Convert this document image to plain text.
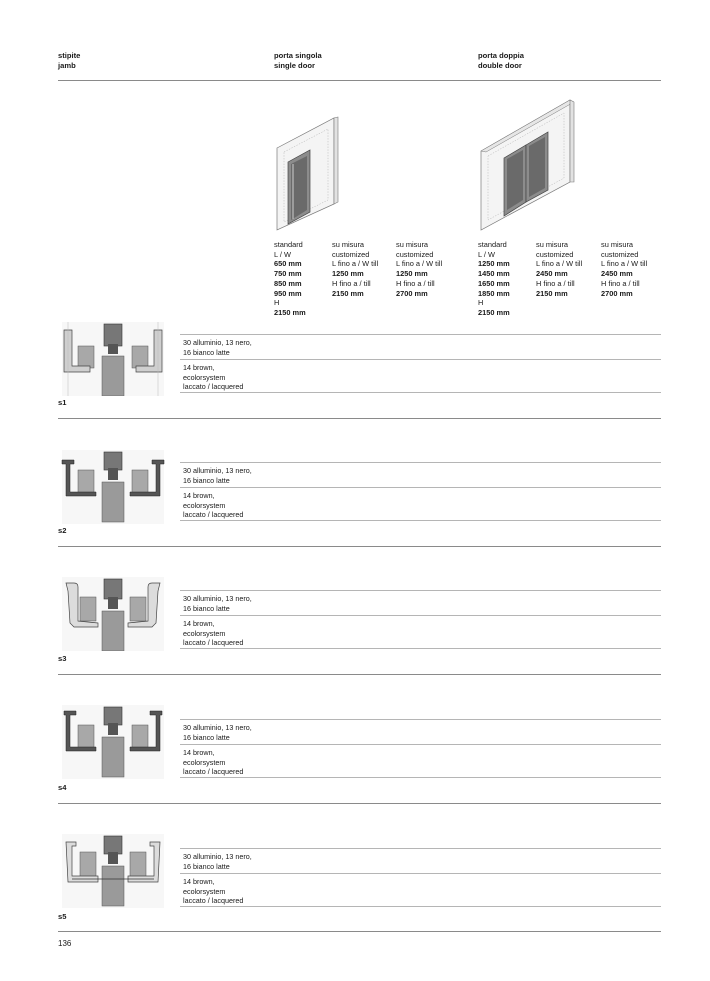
stipite
jamb
porta singola
single door
porta doppia
double door
standard
L / W
650 mm
750 mm
850 mm
950 mm
H
2150 mm
su misura
customized
L fino a / W till
1250 mm
H fino a / till
2150 mm
su misura
customized
L fino a / W till
1250 mm
H fino a / till
2700 mm
standard
L / W
1250 mm
1450 mm
1650 mm
1850 mm
H
2150 mm
su misura
customized
L fino a / W till
2450 mm
H fino a / till
2150 mm
su misura
customized
L fino a / W till
2450 mm
H fino a / till
2700 mm
30 alluminio, 13 nero,
16 bianco latte
14 brown,
ecolorsystem
laccato / lacquered
s1
30 alluminio, 13 nero,
16 bianco latte
14 brown,
ecolorsystem
laccato / lacquered
s2
30 alluminio, 13 nero,
16 bianco latte
14 brown,
ecolorsystem
laccato / lacquered
s3
30 alluminio, 13 nero,
16 bianco latte
14 brown,
ecolorsystem
laccato / lacquered
s4
30 alluminio, 13 nero,
16 bianco latte
14 brown,
ecolorsystem
laccato / lacquered
s5
136
